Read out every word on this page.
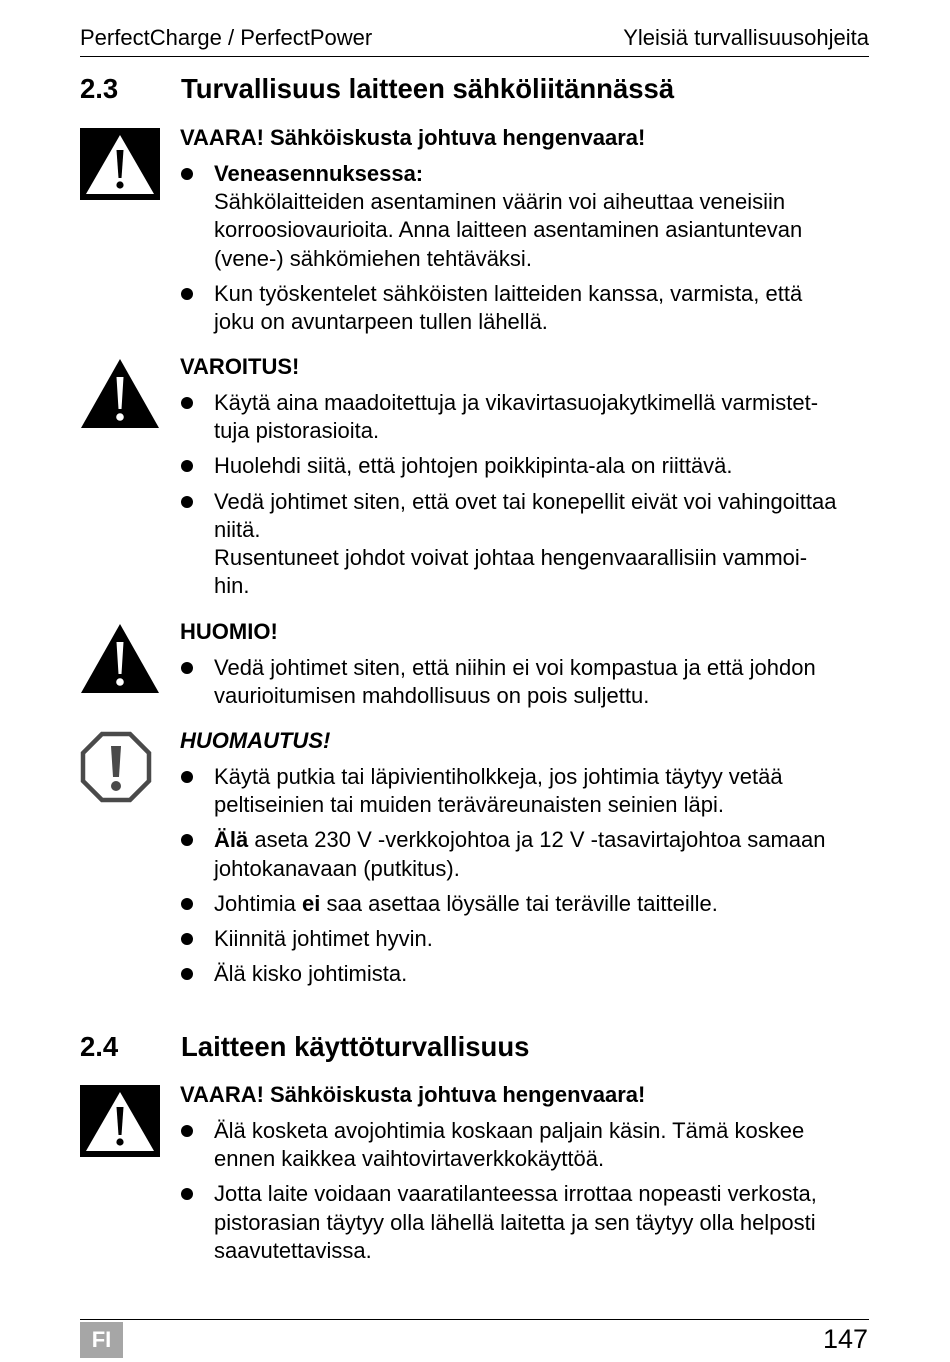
PerfectCharge / PerfectPower	Yleisiä turvallisuusohjeita
2.3 Turvallisuus laitteen sähköliitännässä

VAARA! Sähköiskusta johtuva hengenvaara!

Veneasennuksessa:
Sähkölaitteiden asentaminen väärin voi aiheuttaa veneisiin
korroosiovaurioita. Anna laitteen asentaminen asiantuntevan
(vene-) sähkömiehen tehtäväksi.
Kun työskentelet sähköisten laitteiden kanssa, varmista, että
joku on avuntarpeen tullen lähellä.

VAROITUS!

Käytä aina maadoitettuja ja vikavirtasuojakytkimellä varmistet-
tuja pistorasioita.
Huolehdi siitä, että johtojen poikkipinta-ala on riittävä.
Vedä johtimet siten, että ovet tai konepellit eivät voi vahingoittaa
niitä.
Rusentuneet johdot voivat johtaa hengenvaarallisiin vammoi-
hin.

HUOMIO!

Vedä johtimet siten, että niihin ei voi kompastua ja että johdon
vaurioitumisen mahdollisuus on pois suljettu.

HUOMAUTUS!

Käytä putkia tai läpivientiholkkeja, jos johtimia täytyy vetää
peltiseinien tai muiden teräväreunaisten seinien läpi.
Älä aseta 230 V -verkkojohtoa ja 12 V -tasavirtajohtoa samaan
johtokanavaan (putkitus).
Johtimia ei saa asettaa löysälle tai teräville taitteille.
Kiinnitä johtimet hyvin.
Älä kisko johtimista.
2.4 Laitteen käyttöturvallisuus

VAARA! Sähköiskusta johtuva hengenvaara!

Älä kosketa avojohtimia koskaan paljain käsin. Tämä koskee
ennen kaikkea vaihtovirtaverkkokäyttöä.
Jotta laite voidaan vaaratilanteessa irrottaa nopeasti verkosta,
pistorasian täytyy olla lähellä laitetta ja sen täytyy olla helposti
saavutettavissa.
FI	147
